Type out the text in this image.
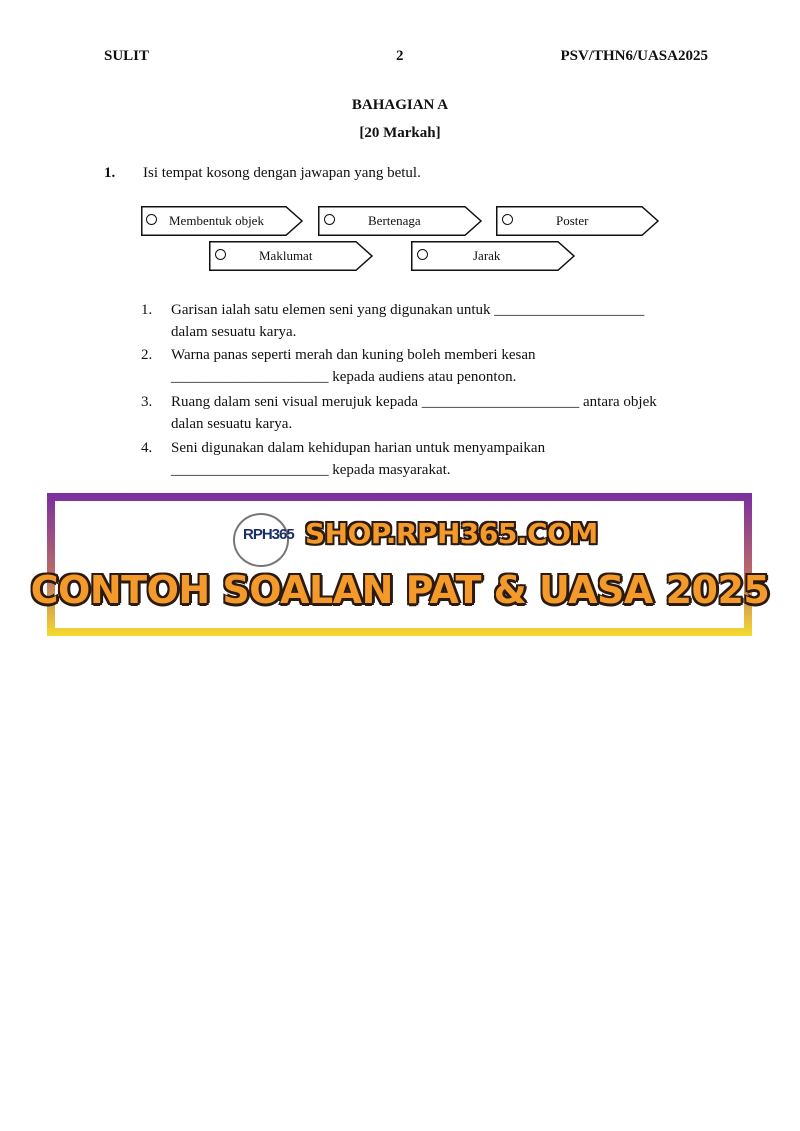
SULIT	2	PSV/THN6/UASA2025
BAHAGIAN A
[20 Markah]
1. Isi tempat kosong dengan jawapan yang betul.
Membentuk objek	Bertenaga	Poster
Maklumat	Jarak
1. Garisan ialah satu elemen seni yang digunakan untuk ____________________
dalam sesuatu karya.
2. Warna panas seperti merah dan kuning boleh memberi kesan
_____________________ kepada audiens atau penonton.
3. Ruang dalam seni visual merujuk kepada _____________________ antara objek
dalan sesuatu karya.
4. Seni digunakan dalam kehidupan harian untuk menyampaikan
_____________________ kepada masyarakat.
RPH365 SHOP.RPH365.COM
CONTOH SOALAN PAT & UASA 2025
